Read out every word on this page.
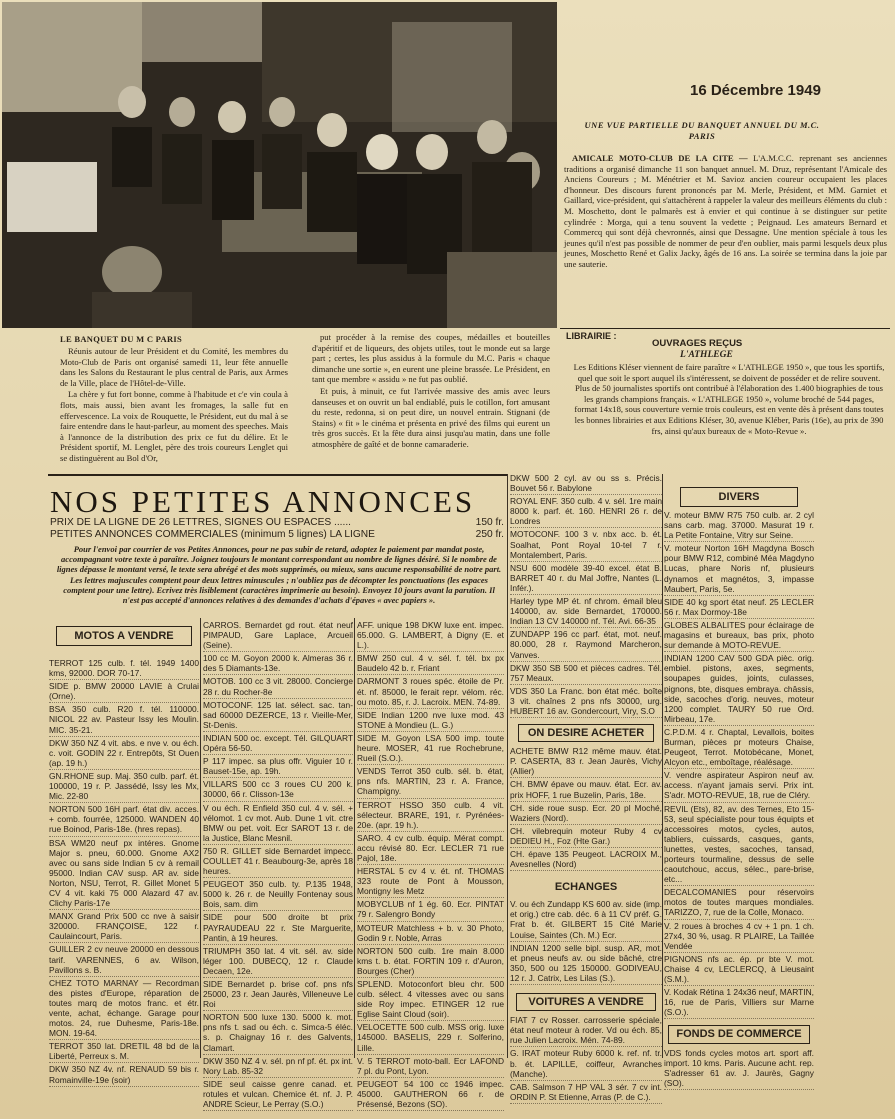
16 Décembre 1949
UNE VUE PARTIELLE DU BANQUET ANNUEL DU M.C. PARIS

AMICALE MOTO-CLUB DE LA CITE — L'A.M.C.C. reprenant ses anciennes traditions a organisé dimanche 11 son banquet annuel. M. Druz, représentant l'Amicale des Anciens Coureurs ; M. Ménétrier et M. Savioz ancien coureur occupaient les places d'honneur. Des discours furent prononcés par M. Merle, Président, et MM. Garniet et Gaillard, vice-président, qui s'attachèrent à rappeler la valeur des meilleurs éléments du club : M. Moschetto, dont le palmarès est à envier et qui continue à se distinguer sur petite cylindrée : Morga, qui a tenu souvent la vedette ; Peignaud. Les amateurs Bernard et Commercq qui sont déjà chevronnés, ainsi que Dessagne. Une mention spéciale à tous les jeunes qu'il n'est pas possible de nommer de peur d'en oublier, mais parmi lesquels deux plus jeunes, Moschetto René et Galix Jacky, âgés de 16 ans. La soirée se termina dans la joie par une sauterie.

LIBRAIRIE :
OUVRAGES REÇUS
L'ATHLEGE
Les Editions Kléser viennent de faire paraître « L'ATHLEGE 1950 », que tous les sportifs, quel que soit le sport auquel ils s'intéressent, se doivent de posséder et de relire souvent. Plus de 50 journalistes sportifs ont contribué à l'élaboration des 1.400 biographies de tous les grands champions français. « L'ATHLEGE 1950 », volume broché de 544 pages, format 14x18, sous couverture vernie trois couleurs, est en vente dès à présent dans toutes les bonnes librairies et aux Editions Kléser, 30, avenue Kléber, Paris (16e), au prix de 390 frs, ainsi qu'aux bureaux de « Moto-Revue ».
LE BANQUET DU M C PARIS

Réunis autour de leur Président et du Comité, les membres du Moto-Club de Paris ont organisé samedi 11, leur fête annuelle dans les Salons du Restaurant le plus central de Paris, aux Armes de la Ville, place de l'Hôtel-de-Ville.

La chère y fut fort bonne, comme à l'habitude et c'e vin coula à flots, mais aussi, bien avant les fromages, la salle fut en effervescence. La voix de Rouquette, le Président, eut du mal à se faire entendre dans le haut-parleur, au moment des speeches. Mais à l'annonce de la distribution des prix ce fut du délire. Et le Président sportif, M. Lenglet, père des trois coureurs Lenglet qui se distinguèrent au Bol d'Or,

put procéder à la remise des coupes, médailles et bouteilles d'apéritif et de liqueurs, des objets utiles, tout le monde eut sa large part ; certes, les plus assidus à la formule du M.C. Paris « chaque dimanche une sortie », en eurent une pleine brassée. Le Président, en tant que membre « assidu » ne fut pas oublié.

Et puis, à minuit, ce fut l'arrivée massive des amis avec leurs danseuses et on ouvrit un bal endiablé, puis le cotillon, fort amusant du reste, redonna, si on peut dire, un nouvel entrain. Stignani (de Stains) « fit » le cinéma et présenta en privé des films qui eurent un très gros succès. Et la fête dura ainsi jusqu'au matin, dans une folle atmosphère de gaîté et de bonne camaraderie.

NOS PETITES ANNONCES
PRIX DE LA LIGNE DE 26 LETTRES, SIGNES OU ESPACES ......	150 fr.
PETITES ANNONCES COMMERCIALES (minimum 5 lignes) LA LIGNE	250 fr.
Pour l'envoi par courrier de vos Petites Annonces, pour ne pas subir de retard, adoptez le paiement par mandat poste, accompagnant votre texte à paraître. Joignez toujours le montant correspondant au nombre de lignes désiré. Si le nombre de lignes dépasse le montant versé, le texte sera abrégé et des mots supprimés, ou mieux, sans aucune responsabilité de notre part. Les lettres majuscules comptent pour deux lettres minuscules ; n'oubliez pas de décompter les ponctuations (les espaces comptent pour une lettre). Ecrivez très lisiblement (caractères imprimerie au besoin). Envoyez 10 jours avant la parution. Il n'est pas accepté d'annonces relatives à des demandes d'achats d'épaves « avec papiers ».
MOTOS A VENDRE
TERROT 125 culb. f. tél. 1949 1400 kms, 92000. DOR 70-17.
SIDE p. BMW 20000 LAVIE à Crulai (Orne).
BSA 350 culb. R20 f. tél. 110000. NICOL 22 av. Pasteur Issy les Moulin. MIC. 35-21.
DKW 350 NZ 4 vit. abs. e nve v. ou éch. c. voit. GODIN 22 r. Entrepôts, St Ouen (ap. 19 h.)
GN.RHONE sup. Maj. 350 culb. parf. ét. 100000, 19 r. P. Jassédé, Issy les Mx, Mic. 22-80
NORTON 500 16H parf. état div. acces. + comb. fourrée, 125000. WANDEN 40 rue Boinod, Paris-18e. (hres repas).
BSA WM20 neuf px intéres. Gnome Major s. pneu, 60.000. Gnome AX2 avec ou sans side Indian 5 cv à remail 95000. Indian CAV susp. AR av. side Norton, NSU, Terrot, R. Gillet Monet 5 CV 4 vit. kaki 75 000 Alazard 47 av. Clichy Paris-17e
MANX Grand Prix 500 cc nve à saisir 320000. FRANÇOISE, 122 r. Caulaincourt, Paris.
GUILLER 2 cv neuve 20000 en dessous tarif. VARENNES, 6 av. Wilson, Pavillons s. B.
CHEZ TOTO MARNAY — Recordman des pistes d'Europe, réparation de toutes marq de motos franc. et étr. vente, achat, échange. Garage pour motos. 24, rue Duhesme, Paris-18e. MON. 19-64.
TERROT 350 lat. DRETIL 48 bd de la Liberté, Perreux s. M.
DKW 350 NZ 4v. nf. RENAUD 59 bis r. Romainville-19e (soir)
CARROS. Bernardet gd rout. état neuf PIMPAUD, Gare Laplace, Arcueil (Seine).
100 cc M. Goyon 2000 k. Almeras 36 r. des 5 Diamants-13e.
MOTOB. 100 cc 3 vit. 28000. Concierge 28 r. du Rocher-8e
MOTOCONF. 125 lat. sélect. sac. tan-sad 60000 DEZERCE, 13 r. Vieille-Mer, St-Denis.
INDIAN 500 oc. except. Tél. GILQUART Opéra 56-50.
P 117 impec. sa plus offr. Viguier 10 r. Bauset-15e, ap. 19h.
VILLARS 500 cc 3 roues CU 200 k. 30000, 66 r. Clisson-13e
V ou éch. R Enfield 350 cul. 4 v. sél. + vélomot. 1 cv mot. Aub. Dune 1 vit. ctre BMW ou pet. voit. Ecr SAROT 13 r. de la Justice, Blanc Mesnil.
750 R. GILLET side Bernardet impecc. COULLET 41 r. Beaubourg-3e, après 18 heures.
PEUGEOT 350 culb. ty. P.135 1948, 5000 k. 26 r. de Neuilly Fontenay sous Bois, sam. dim
SIDE pour 500 droite bt prix PAYRAUDEAU 22 r. Ste Marguerite, Pantin, à 19 heures.
TRIUMPH 350 lat. 4 vit. sél. av. side léger 100. DUBECQ, 12 r. Claude Decaen, 12e.
SIDE Bernardet p. brise cof. pns nfs 25000, 23 r. Jean Jaurès, Villeneuve Le Roi
NORTON 500 luxe 130. 5000 k. mot. pns nfs t. sad ou éch. c. Simca-5 éléc. s. p. Chaignay 16 r. des Galvents, Clamart.
DKW 350 NZ 4 v. sél. pn nf pf. ét. px int. Nory Lab. 85-32
SIDE seul caisse genre canad. et. rotules et vulcan. Chemice ét. nf. J. P. ANDRE Scieur, Le Perray (S.O.)
AFF. unique 198 DKW luxe ent. impec. 65.000. G. LAMBERT, à Digny (E. et L.).
BMW 250 cul. 4 v. sél. f. tél. bx px Baudelo 42 b. r. Friant
DARMONT 3 roues spéc. étoile de Pr. ét. nf. 85000, le ferait repr. vélom. réc. ou moto. 85, r. J. Lacroix. MEN. 74-89.
SIDE Indian 1200 nve luxe mod. 43 STONE à Mondieu (L. G.)
SIDE M. Goyon LSA 500 imp. toute heure. MOSER, 41 rue Rochebrune, Rueil (S.O.).
VENDS Terrot 350 culb. sél. b. état, pns nfs. MARTIN, 23 r. A. France, Champigny.
TERROT HSSO 350 culb. 4 vit. sélecteur. BRARE, 191, r. Pyrénées-20e. (apr. 19 h.).
SARO. 4 cv culb. équip. Mérat compt. accu révisé 80. Ecr. LECLER 71 rue Pajol, 18e.
HERSTAL 5 cv 4 v. ét. nf. THOMAS 323 route de Pont à Mousson, Montigny les Metz
MOBYCLUB nf 1 ég. 60. Ecr. PINTAT 79 r. Salengro Bondy
MOTEUR Matchless + b. v. 30 Photo, Godin 9 r. Noble, Arras
NORTON 500 culb. 1re main 8.000 kms t. b. état. FORTIN 109 r. d'Auron, Bourges (Cher)
SPLEND. Motoconfort bleu chr. 500 culb. sélect. 4 vitesses avec ou sans side Roy impec. ETINGER 12 rue Eglise Saint Cloud (soir).
VELOCETTE 500 culb. MSS orig. luxe 145000. BASELIS, 229 r. Solferino, Lille.
V. 5 TERROT moto-ball. Ecr LAFOND 7 pl. du Pont, Lyon.
PEUGEOT 54 100 cc 1946 impec. 45000. GAUTHERON 66 r. de Présensé, Bezons (SO).
DKW 500 2 cyl. av ou ss s. Précis. Bouvet 56 r. Babylone
ROYAL ENF. 350 culb. 4 v. sél. 1re main 8000 k. parf. ét. 160. HENRI 26 r. de Londres
MOTOCONF. 100 3 v. nbx acc. b. ét. Soalhat, Pont Royal 10-tel 7 r. Montalembert, Paris.
NSU 600 modèle 39-40 excel. état B. BARRET 40 r. du Mal Joffre, Nantes (L. Infér.).
Harley type MP ét. nf chrom. émail bleu 140000, av. side Bernardet, 170000. Indian 13 CV 140000 nf. Tél. Avi. 66-35
ZUNDAPP 196 cc parf. état, mot. neuf. 80.000, 28 r. Raymond Marcheron, Vanves.
DKW 350 SB 500 et pièces cadres. Tél. 757 Meaux.
VDS 350 La Franc. bon état méc. boîte 3 vit. chaînes 2 pns nfs 30000, urg. HUBERT 16 av. Gondercourt, Viry, S.O
ON DESIRE ACHETER
ACHETE BMW R12 même mauv. état. P. CASERTA, 83 r. Jean Jaurès, Vichy (Allier)
CH. BMW épave ou mauv. état. Ecr. av. prix HOFF, 1 rue Buzelin, Paris, 18e.
CH. side roue susp. Ecr. 20 pl Moché, Waziers (Nord).
CH. vilebrequin moteur Ruby 4 cv DEDIEU H., Foz (Hte Gar.)
CH. épave 135 Peugeot. LACROIX M., Avesnelles (Nord)
ECHANGES
V. ou éch Zundapp KS 600 av. side (imp. et orig.) ctre cab. déc. 6 à 11 CV préf. G. Frat b. ét. GILBERT 15 Cité Marie Louise, Saintes (Ch. M.) Ecr.
INDIAN 1200 selle bipl. susp. AR, mot. et pneus neufs av. ou side bâché, ctre 350, 500 ou 125 150000. GODIVEAU, 12 r. J. Catrix, Les Lilas (S.).
VOITURES A VENDRE
FIAT 7 cv Rosser. carrosserie spéciale, état neuf moteur à roder. Vd ou éch. 85, rue Julien Lacroix. Mén. 74-89.
G. IRAT moteur Ruby 6000 k. ref. nf. tr. b. ét. LAPILLE, coiffeur, Avranches (Manche).
CAB. Salmson 7 HP VAL 3 sér. 7 cv int. ORDIN P. St Etienne, Arras (P. de C.).
DIVERS
V. moteur BMW R75 750 culb. ar. 2 cyl sans carb. mag. 37000. Masurat 19 r. La Petite Fontaine, Vitry sur Seine.
V. moteur Norton 16H Magdyna Bosch pour BMW R12, combiné Méa Magdyno Lucas, phare Noris nf, plusieurs dynamos et magnétos, 3, impasse Maubert, Paris, 5e.
SIDE 40 kg sport état neuf. 25 LECLER 56 r. Max Dormoy-18e
GLOBES ALBALITES pour éclairage de magasins et bureaux, bas prix, photo sur demande à MOTO-REVUE.
INDIAN 1200 CAV 500 GDA pièc. orig. embiel. pistons, axes, segments, soupapes guides, joints, culasses, pignons, bte, disques embraya. châssis, side, sacoches d'orig. neuves, moteur 1200 complet. TAURY 50 rue Ord. Mirbeau, 17e.
C.P.D.M. 4 r. Chaptal, Levallois, boites Burman, pièces pr moteurs Chaise, Peugeot, Terrot. Motobécane, Monet, Alcyon etc., emboîtage, réalésage.
V. vendre aspirateur Aspiron neuf av. access. n'ayant jamais servi. Prix int. S'adr. MOTO-REVUE, 18, rue de Cléry.
REVIL (Ets), 82, av. des Ternes, Eto 15-53, seul spécialiste pour tous équipts et accessoires motos, cycles, autos, tabliers, cuissards, casques, gants, lunettes, vestes, sacoches, tansad, porteurs tourmaline, dessus de selle caoutchouc, accus, sélec., pare-brise, etc...
DECALCOMANIES pour réservoirs motos de toutes marques mondiales. TARIZZO, 7, rue de la Colle, Monaco.
V. 2 roues à broches 4 cv + 1 pn. 1 ch. 27x4, 30 %, usag. R PLAIRE, La Taillée Vendée
PIGNONS nfs ac. ép. pr bte V. mot. Chaise 4 cv, LECLERCQ, à Lieusaint (S.M.).
V. Kodak Rétina 1 24x36 neuf, MARTIN, 16, rue de Paris, Villiers sur Marne (S.O.).
FONDS DE COMMERCE
VDS fonds cycles motos art. sport aff. import. 10 kms. Paris. Aucune acht. rep. S'adresser 61 av. J. Jaurès, Gagny (SO).
